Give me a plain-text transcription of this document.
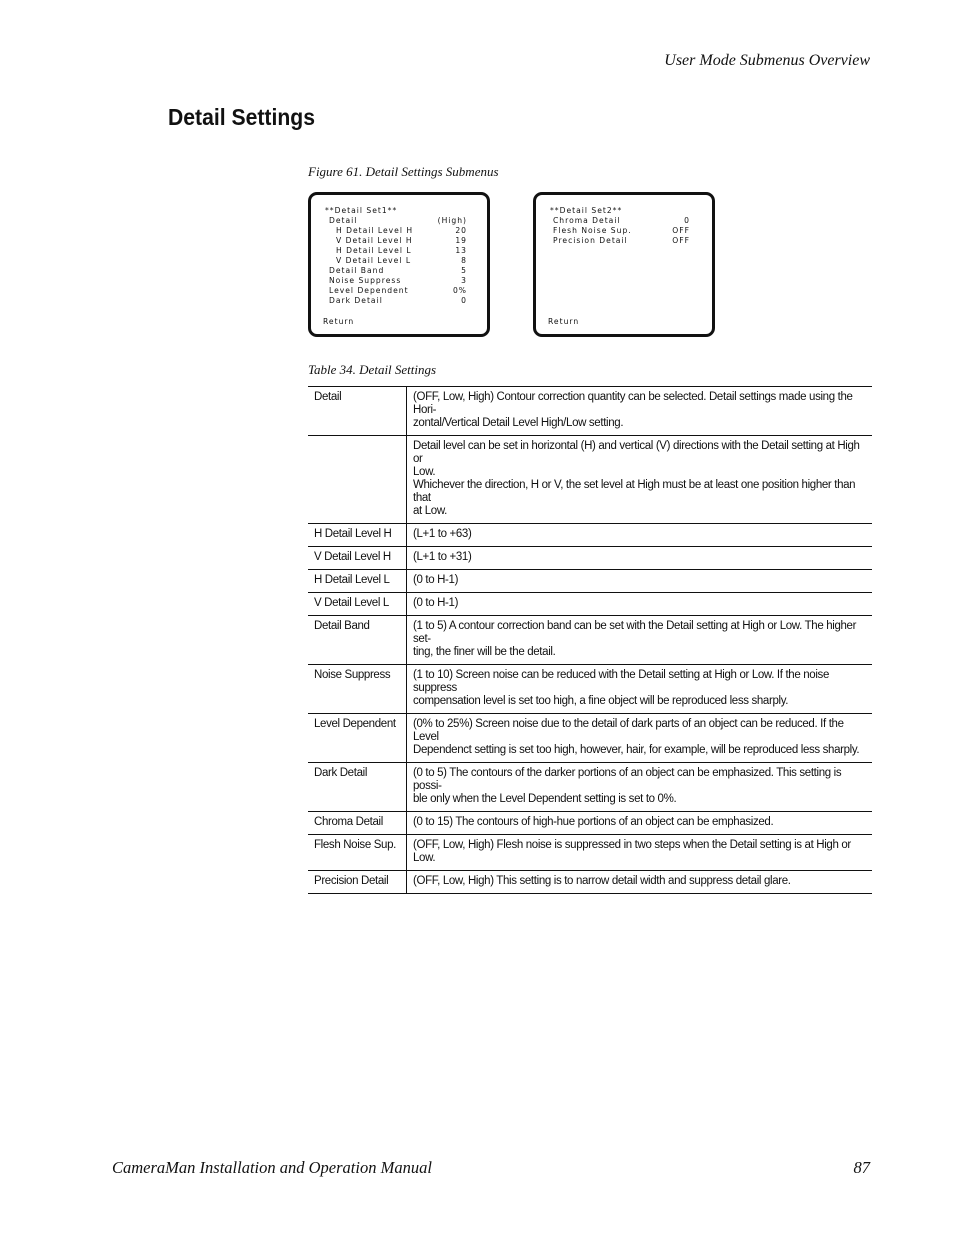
User Mode Submenus Overview
Detail Settings
Figure 61. Detail Settings Submenus
**Detail Set1**
Detail	(High)
H Detail Level H	20
V Detail Level H	19
H Detail Level L	13
V Detail Level L	8
Detail Band	5
Noise Suppress	3
Level Dependent	0%
Dark Detail	0
Return
**Detail Set2**
Chroma Detail	0
Flesh Noise Sup.	OFF
Precision Detail	OFF
Return
Table 34. Detail Settings
Detail	(OFF, Low, High) Contour correction quantity can be selected. Detail settings made using the Hori-
zontal/Vertical Detail Level High/Low setting.
	Detail level can be set in horizontal (H) and vertical (V) directions with the Detail setting at High or
Low.
Whichever the direction, H or V, the set level at High must be at least one position higher than that
at Low.
H Detail Level H	(L+1 to +63)
V Detail Level H	(L+1 to +31)
H Detail Level L	(0 to H-1)
V Detail Level L	(0 to H-1)
Detail Band	(1 to 5) A contour correction band can be set with the Detail setting at High or Low. The higher set-
ting, the finer will be the detail.
Noise Suppress	(1 to 10) Screen noise can be reduced with the Detail setting at High or Low. If the noise suppress
compensation level is set too high, a fine object will be reproduced less sharply.
Level Dependent	(0% to 25%) Screen noise due to the detail of dark parts of an object can be reduced. If the Level
Dependenct setting is set too high, however, hair, for example, will be reproduced less sharply.
Dark Detail	(0 to 5) The contours of the darker portions of an object can be emphasized. This setting is possi-
ble only when the Level Dependent setting is set to 0%.
Chroma Detail	(0 to 15) The contours of high-hue portions of an object can be emphasized.
Flesh Noise Sup.	(OFF, Low, High) Flesh noise is suppressed in two steps when the Detail setting is at High or Low.
Precision Detail	(OFF, Low, High) This setting is to narrow detail width and suppress detail glare.
CameraMan Installation and Operation Manual	87
